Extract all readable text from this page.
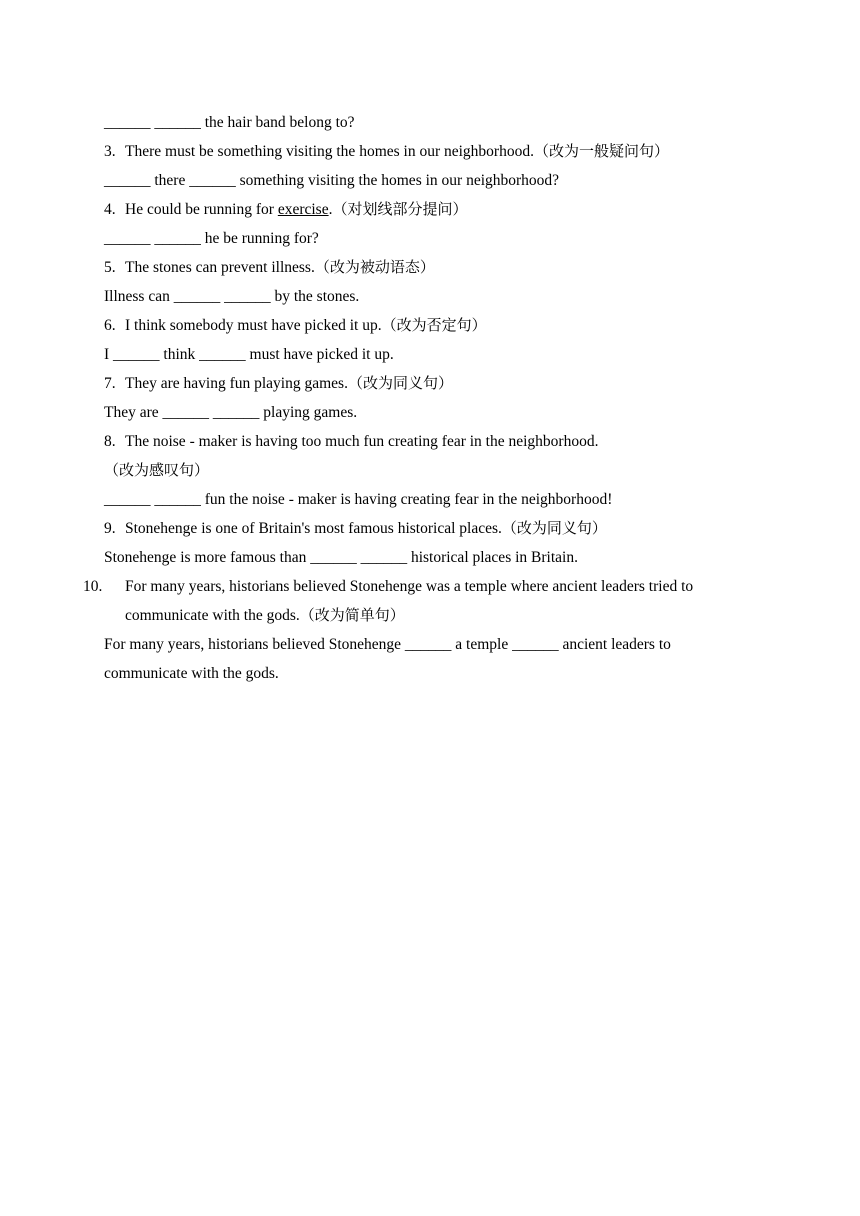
______ ______ the hair band belong to?
3. There must be something visiting the homes in our neighborhood.（改为一般疑问句）
______ there ______ something visiting the homes in our neighborhood?
4. He could be running for exercise.（对划线部分提问）
______ ______ he be running for?
5. The stones can prevent illness.（改为被动语态）
Illness can ______ ______ by the stones.
6. I think somebody must have picked it up.（改为否定句）
I ______ think ______ must have picked it up.
7. They are having fun playing games.（改为同义句）
They are ______ ______ playing games.
8. The noise - maker is having too much fun creating fear in the neighborhood.
（改为感叹句）
______ ______ fun the noise - maker is having creating fear in the neighborhood!
9. Stonehenge is one of Britain's most famous historical places.（改为同义句）
Stonehenge is more famous than ______ ______ historical places in Britain.
10. For many years, historians believed Stonehenge was a temple where ancient leaders tried to communicate with the gods.（改为简单句）
For many years, historians believed Stonehenge ______ a temple ______ ancient leaders to communicate with the gods.
